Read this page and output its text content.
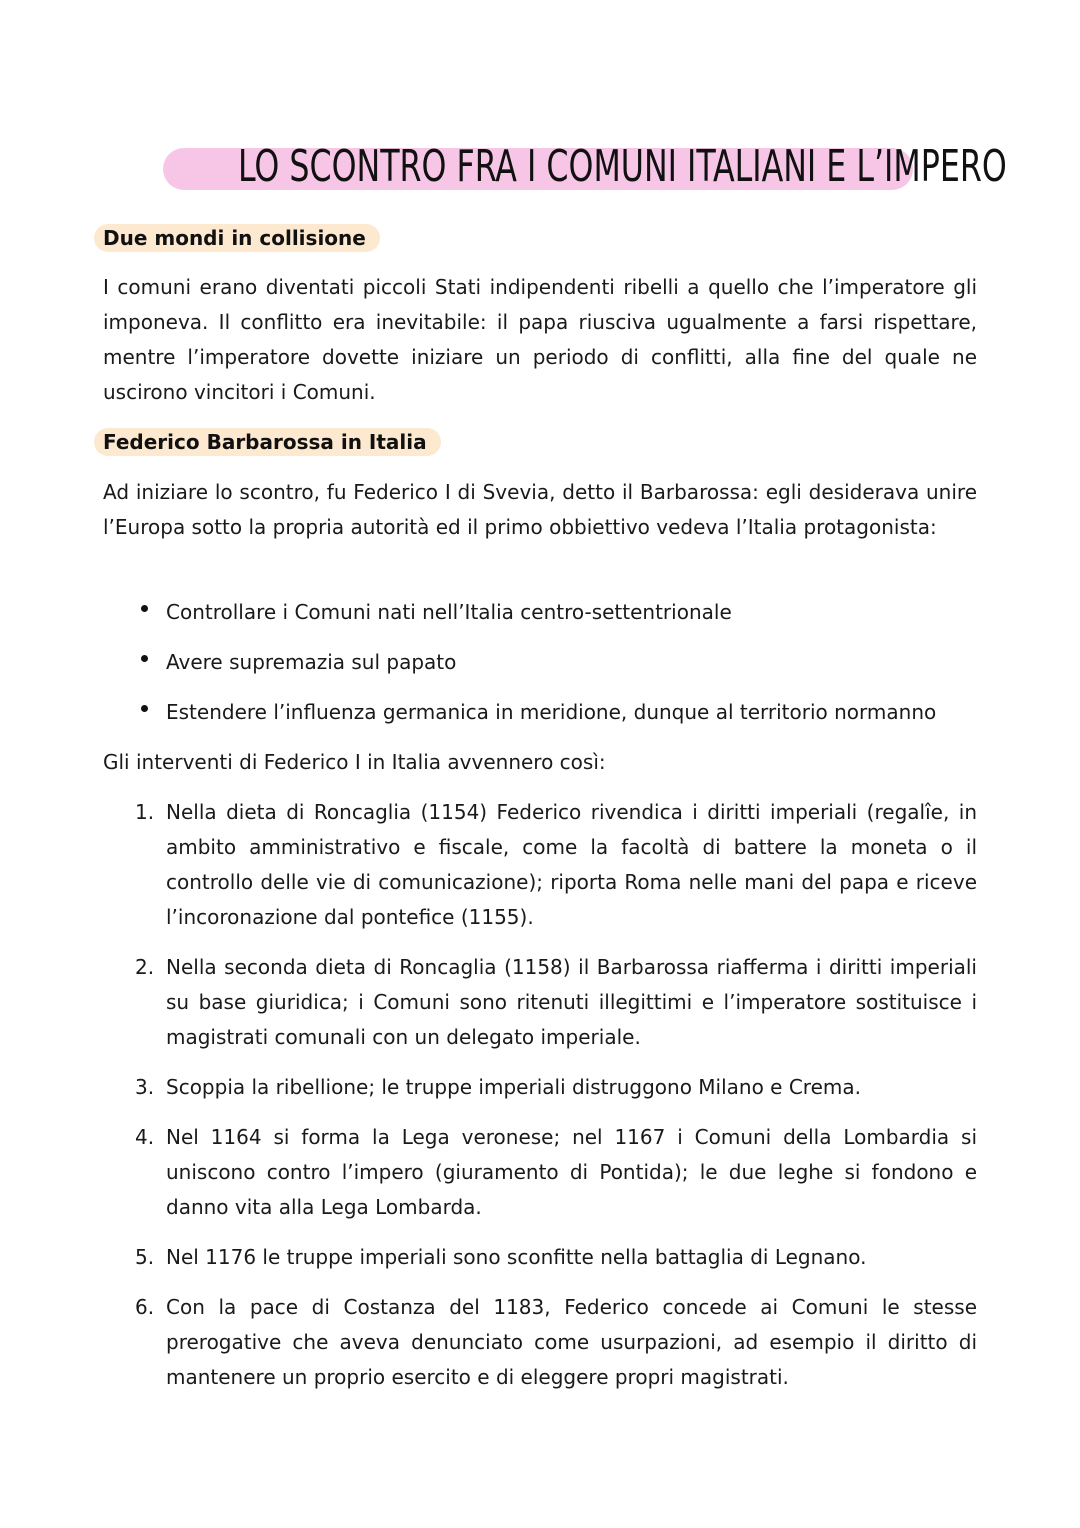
LO SCONTRO FRA I COMUNI ITALIANI E L’IMPERO
Due mondi in collisione
I comuni erano diventati piccoli Stati indipendenti ribelli a quello che l’imperatore gli imponeva. Il conflitto era inevitabile: il papa riusciva ugualmente a farsi rispettare, mentre l’imperatore dovette iniziare un periodo di conflitti, alla fine del quale ne uscirono vincitori i Comuni.
Federico Barbarossa in Italia
Ad iniziare lo scontro, fu Federico I di Svevia, detto il Barbarossa: egli desiderava unire l’Europa sotto la propria autorità ed il primo obbiettivo vedeva l’Italia protagonista:
Controllare i Comuni nati nell’Italia centro-settentrionale
Avere supremazia sul papato
Estendere l’influenza germanica in meridione, dunque al territorio normanno
Gli interventi di Federico I in Italia avvennero così:
1. Nella dieta di Roncaglia (1154) Federico rivendica i diritti imperiali (regalîe, in ambito amministrativo e fiscale, come la facoltà di battere la moneta o il controllo delle vie di comunicazione); riporta Roma nelle mani del papa e riceve l’incoronazione dal pontefice (1155).
2. Nella seconda dieta di Roncaglia (1158) il Barbarossa riafferma i diritti imperiali su base giuridica; i Comuni sono ritenuti illegittimi e l’imperatore sostituisce i magistrati comunali con un delegato imperiale.
3. Scoppia la ribellione; le truppe imperiali distruggono Milano e Crema.
4. Nel 1164 si forma la Lega veronese; nel 1167 i Comuni della Lombardia si uniscono contro l’impero (giuramento di Pontida); le due leghe si fondono e danno vita alla Lega Lombarda.
5. Nel 1176 le truppe imperiali sono sconfitte nella battaglia di Legnano.
6. Con la pace di Costanza del 1183, Federico concede ai Comuni le stesse prerogative che aveva denunciato come usurpazioni, ad esempio il diritto di mantenere un proprio esercito e di eleggere propri magistrati.
